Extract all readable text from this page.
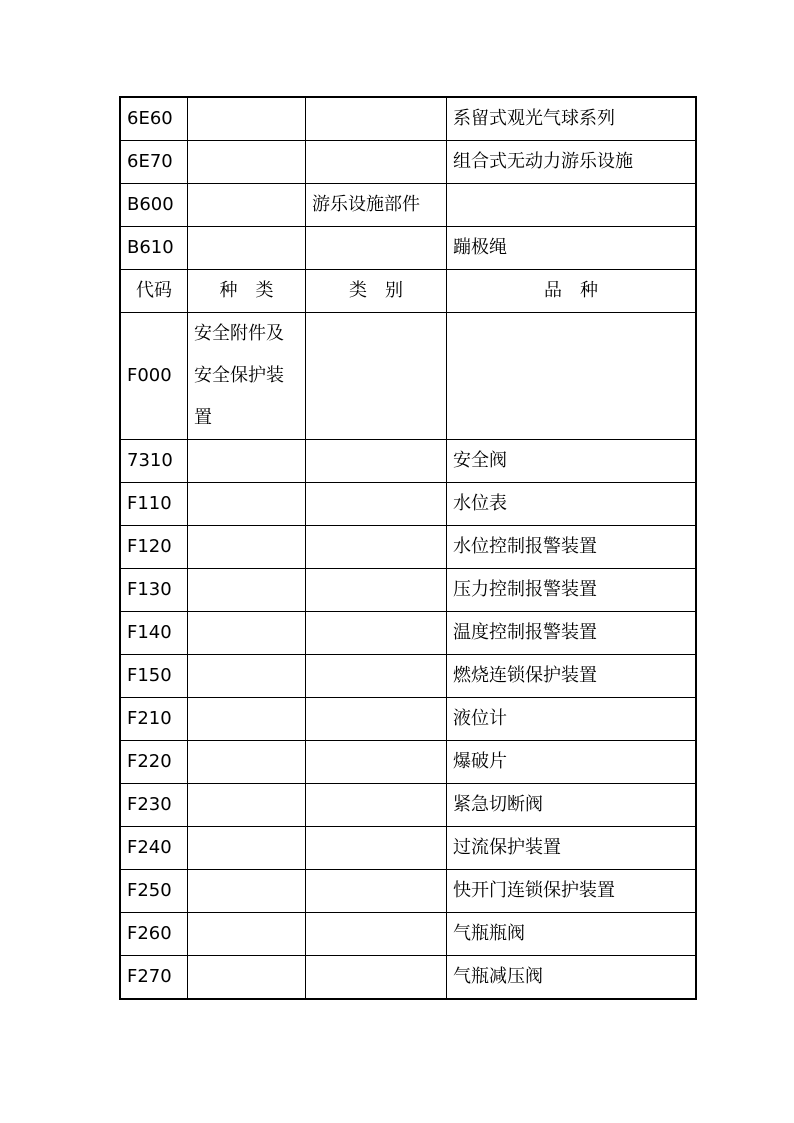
6E60			系留式观光气球系列
6E70			组合式无动力游乐设施
B600		游乐设施部件	
B610			蹦极绳
代码	种　类	类　别	品　种
F000	安全附件及安全保护装置		

7310			安全阀
F110			水位表
F120			水位控制报警装置
F130			压力控制报警装置
F140			温度控制报警装置
F150			燃烧连锁保护装置
F210			液位计
F220			爆破片
F230			紧急切断阀
F240			过流保护装置
F250			快开门连锁保护装置
F260			气瓶瓶阀
F270			气瓶减压阀
